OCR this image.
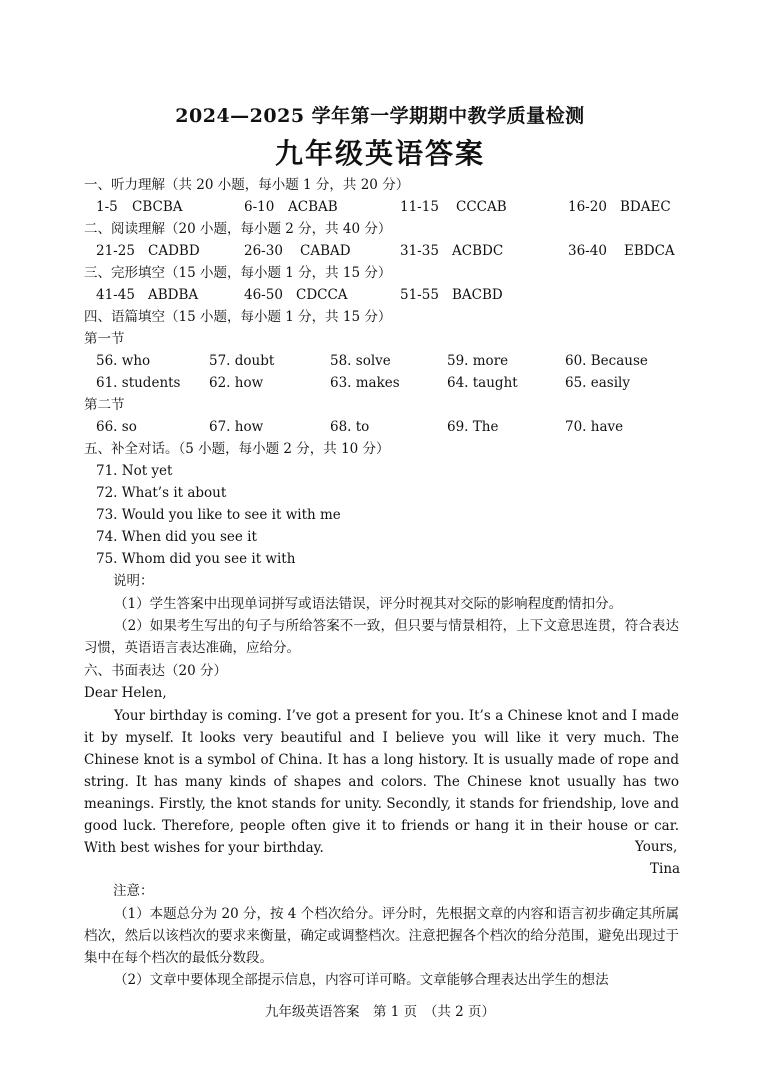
2024—2025 学年第一学期期中教学质量检测
九年级英语答案
一、听力理解（共 20 小题，每小题 1 分，共 20 分）
1-5 CBCBA	6-10 ACBAB	11-15 CCCAB	16-20 BDAEC
二、阅读理解（20 小题，每小题 2 分，共 40 分）
21-25 CADBD	26-30 CABAD	31-35 ACBDC	36-40 EBDCA
三、完形填空（15 小题，每小题 1 分，共 15 分）
41-45 ABDBA	46-50 CDCCA	51-55 BACBD
四、语篇填空（15 小题，每小题 1 分，共 15 分）
第一节
56. who	57. doubt	58. solve	59. more	60. Because
61. students 62. how	63. makes	64. taught	65. easily
第二节
66. so	67. how	68. to	69. The	70. have
五、补全对话。（5 小题，每小题 2 分，共 10 分）
71. Not yet
72. What’s it about
73. Would you like to see it with me
74. When did you see it
75. Whom did you see it with
说明：
（1）学生答案中出现单词拼写或语法错误，评分时视其对交际的影响程度酌情扣分。
（2）如果考生写出的句子与所给答案不一致，但只要与情景相符，上下文意思连贯，符合表达习惯，英语语言表达准确，应给分。
六、书面表达（20 分）
Dear Helen,
Your birthday is coming. I’ve got a present for you. It’s a Chinese knot and I made it by myself. It looks very beautiful and I believe you will like it very much. The Chinese knot is a symbol of China. It has a long history. It is usually made of rope and string. It has many kinds of shapes and colors. The Chinese knot usually has two meanings. Firstly, the knot stands for unity. Secondly, it stands for friendship, love and good luck. Therefore, people often give it to friends or hang it in their house or car. With best wishes for your birthday.	Yours,
Tina
注意：
（1）本题总分为 20 分，按 4 个档次给分。评分时，先根据文章的内容和语言初步确定其所属档次，然后以该档次的要求来衡量，确定或调整档次。注意把握各个档次的给分范围，避免出现过于集中在每个档次的最低分数段。
（2）文章中要体现全部提示信息，内容可详可略。文章能够合理表达出学生的想法
九年级英语答案　第 1 页　（共 2 页）
